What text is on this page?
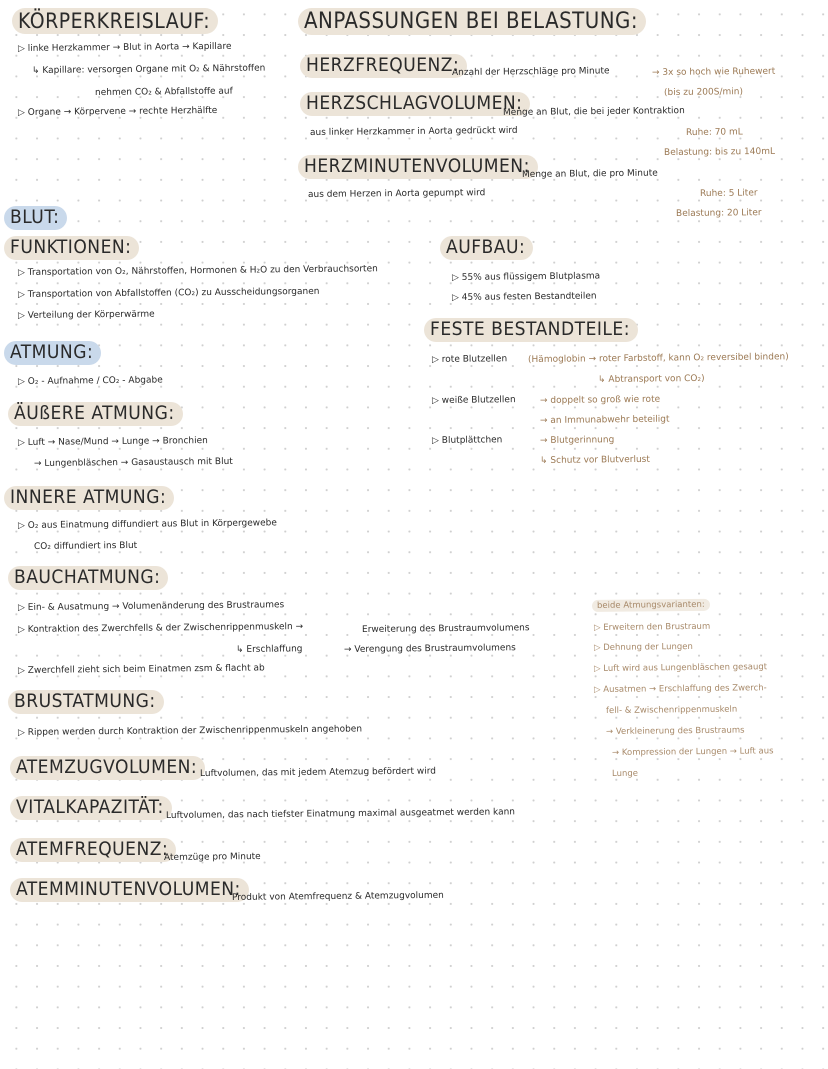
KÖRPERKREISLAUF:
▷ linke Herzkammer → Blut in Aorta → Kapillare
↳ Kapillare: versorgen Organe mit O₂ & Nährstoffen
nehmen CO₂ & Abfallstoffe auf
▷ Organe → Körpervene → rechte Herzhälfte
ANPASSUNGEN BEI BELASTUNG:
HERZFREQUENZ:
Anzahl der Herzschläge pro Minute	→ 3x so hoch wie Ruhewert
(bis zu 200S/min)
HERZSCHLAGVOLUMEN:
Menge an Blut, die bei jeder Kontraktion
aus linker Herzkammer in Aorta gedrückt wird	Ruhe: 70 mL
Belastung: bis zu 140mL
HERZMINUTENVOLUMEN:
Menge an Blut, die pro Minute
aus dem Herzen in Aorta gepumpt wird	Ruhe: 5 Liter
Belastung: 20 Liter
BLUT:
FUNKTIONEN:
▷ Transportation von O₂, Nährstoffen, Hormonen & H₂O zu den Verbrauchsorten
▷ Transportation von Abfallstoffen (CO₂) zu Ausscheidungsorganen
▷ Verteilung der Körperwärme
AUFBAU:
▷ 55% aus flüssigem Blutplasma
▷ 45% aus festen Bestandteilen
FESTE BESTANDTEILE:
▷ rote Blutzellen (Hämoglobin → roter Farbstoff, kann O₂ reversibel binden)
↳ Abtransport von CO₂)
▷ weiße Blutzellen	→ doppelt so groß wie rote
→ an Immunabwehr beteiligt
▷ Blutplättchen	→ Blutgerinnung
↳ Schutz vor Blutverlust
ATMUNG:
▷ O₂ - Aufnahme / CO₂ - Abgabe
ÄUßERE ATMUNG:
▷ Luft → Nase/Mund → Lunge → Bronchien
→ Lungenbläschen → Gasaustausch mit Blut
INNERE ATMUNG:
▷ O₂ aus Einatmung diffundiert aus Blut in Körpergewebe
CO₂ diffundiert ins Blut
BAUCHATMUNG:
▷ Ein- & Ausatmung → Volumenänderung des Brustraumes
▷ Kontraktion des Zwerchfells & der Zwischenrippenmuskeln →	Erweiterung des Brustraumvolumens
↳ Erschlaffung	→ Verengung des Brustraumvolumens
▷ Zwerchfell zieht sich beim Einatmen zsm & flacht ab
BRUSTATMUNG:
▷ Rippen werden durch Kontraktion der Zwischenrippenmuskeln angehoben
ATEMZUGVOLUMEN: Luftvolumen, das mit jedem Atemzug befördert wird
VITALKAPAZITÄT: Luftvolumen, das nach tiefster Einatmung maximal ausgeatmet werden kann
ATEMFREQUENZ:
Atemzüge pro Minute
ATEMMINUTENVOLUMEN:
Produkt von Atemfrequenz & Atemzugvolumen
beide Atmungsvarianten:
▷ Erweitern den Brustraum
▷ Dehnung der Lungen
▷ Luft wird aus Lungenbläschen gesaugt
▷ Ausatmen → Erschlaffung des Zwerch-
fell- & Zwischenrippenmuskeln
→ Verkleinerung des Brustraums
→ Kompression der Lungen → Luft aus
Lunge
